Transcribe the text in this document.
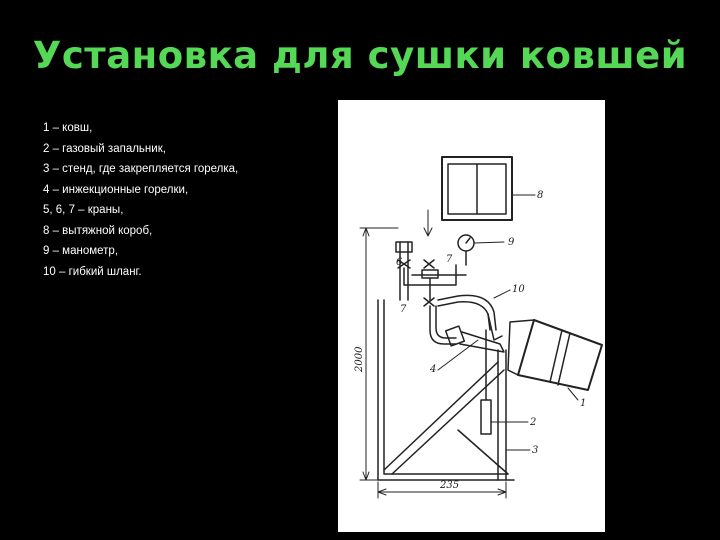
Установка для сушки ковшей
1 – ковш,
2 – газовый запальник,
3 – стенд, где закрепляется горелка,
4 – инжекционные горелки,
5, 6, 7 – краны,
8 – вытяжной короб,
9 – манометр,
10 – гибкий шланг.
8
9
6	7
7
10
4
1
2
3
235
2000
